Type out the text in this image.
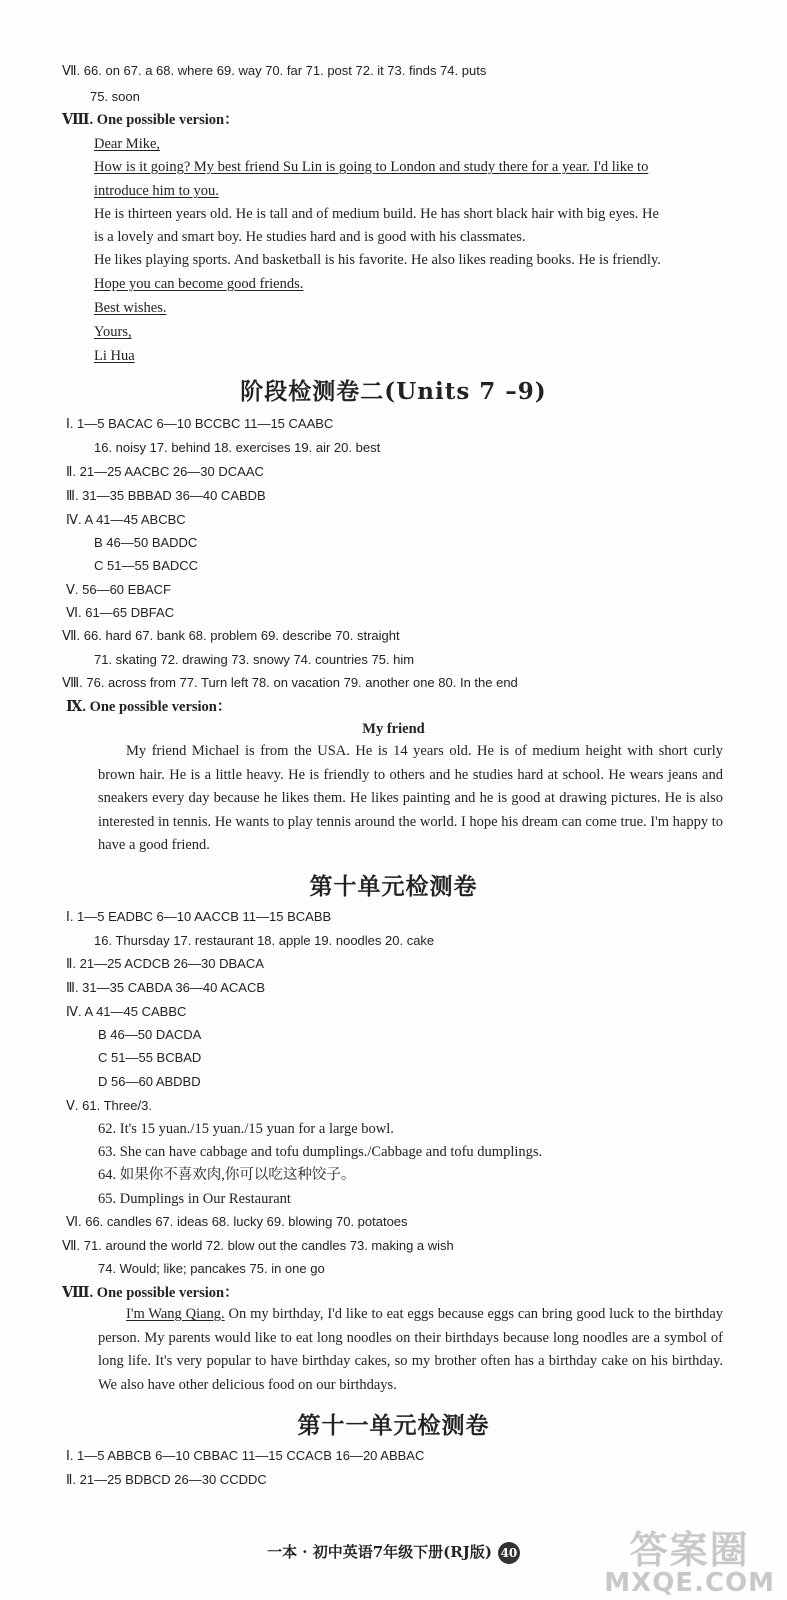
Ⅶ. 66. on 67. a 68. where 69. way 70. far 71. post 72. it 73. finds 74. puts
75. soon
Ⅷ. One possible version：
Dear Mike,
How is it going? My best friend Su Lin is going to London and study there for a year. I'd like to
introduce him to you.
He is thirteen years old. He is tall and of medium build. He has short black hair with big eyes. He
is a lovely and smart boy. He studies hard and is good with his classmates.
He likes playing sports. And basketball is his favorite. He also likes reading books. He is friendly.
Hope you can become good friends.
Best wishes.
Yours,
Li Hua
阶段检测卷二(Units 7 –9)
Ⅰ. 1—5 BACAC 6—10 BCCBC 11—15 CAABC
16. noisy 17. behind 18. exercises 19. air 20. best
Ⅱ. 21—25 AACBC 26—30 DCAAC
Ⅲ. 31—35 BBBAD 36—40 CABDB
Ⅳ. A 41—45 ABCBC
B 46—50 BADDC
C 51—55 BADCC
Ⅴ. 56—60 EBACF
Ⅵ. 61—65 DBFAC
Ⅶ. 66. hard 67. bank 68. problem 69. describe 70. straight
71. skating 72. drawing 73. snowy 74. countries 75. him
Ⅷ. 76. across from 77. Turn left 78. on vacation 79. another one 80. In the end
Ⅸ. One possible version：
My friend
My friend Michael is from the USA. He is 14 years old. He is of medium height with short curly brown hair. He is a little heavy. He is friendly to others and he studies hard at school. He wears jeans and sneakers every day because he likes them. He likes painting and he is good at drawing pictures. He is also interested in tennis. He wants to play tennis around the world. I hope his dream can come true. I'm happy to have a good friend.
第十单元检测卷
Ⅰ. 1—5 EADBC 6—10 AACCB 11—15 BCABB
16. Thursday 17. restaurant 18. apple 19. noodles 20. cake
Ⅱ. 21—25 ACDCB 26—30 DBACA
Ⅲ. 31—35 CABDA 36—40 ACACB
Ⅳ. A 41—45 CABBC
B 46—50 DACDA
C 51—55 BCBAD
D 56—60 ABDBD
Ⅴ. 61. Three/3.
62. It's 15 yuan./15 yuan./15 yuan for a large bowl.
63. She can have cabbage and tofu dumplings./Cabbage and tofu dumplings.
64. 如果你不喜欢肉,你可以吃这种饺子。
65. Dumplings in Our Restaurant
Ⅵ. 66. candles 67. ideas 68. lucky 69. blowing 70. potatoes
Ⅶ. 71. around the world 72. blow out the candles 73. making a wish
74. Would; like; pancakes 75. in one go
Ⅷ. One possible version：
I'm Wang Qiang. On my birthday, I'd like to eat eggs because eggs can bring good luck to the birthday person. My parents would like to eat long noodles on their birthdays because long noodles are a symbol of long life. It's very popular to have birthday cakes, so my brother often has a birthday cake on his birthday. We also have other delicious food on our birthdays.
第十一单元检测卷
Ⅰ. 1—5 ABBCB 6—10 CBBAC 11—15 CCACB 16—20 ABBAC
Ⅱ. 21—25 BDBCD 26—30 CCDDC
一本 · 初中英语7年级下册(RJ版) 40	答案圈
MXQE.COM
